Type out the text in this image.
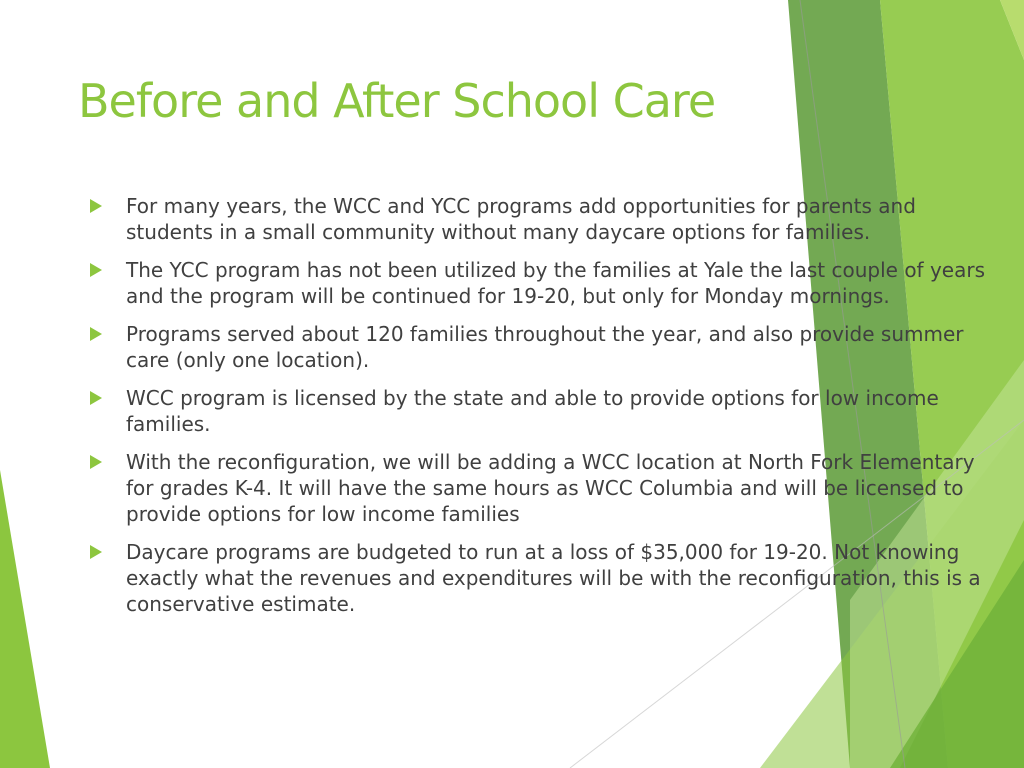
Before and After School Care
For many years, the WCC and YCC programs add opportunities for parents and students in a small community without many daycare options for families.
The YCC program has not been utilized by the families at Yale the last couple of years and the program will be continued for 19-20, but only for Monday mornings.
Programs served about 120 families throughout the year, and also provide summer care (only one location).
WCC program is licensed by the state and able to provide options for low income families.
With the reconfiguration, we will be adding a WCC location at North Fork Elementary for grades K-4. It will have the same hours as WCC Columbia and will be licensed to provide options for low income families
Daycare programs are budgeted to run at a loss of $35,000 for 19-20. Not knowing exactly what the revenues and expenditures will be with the reconfiguration, this is a conservative estimate.
